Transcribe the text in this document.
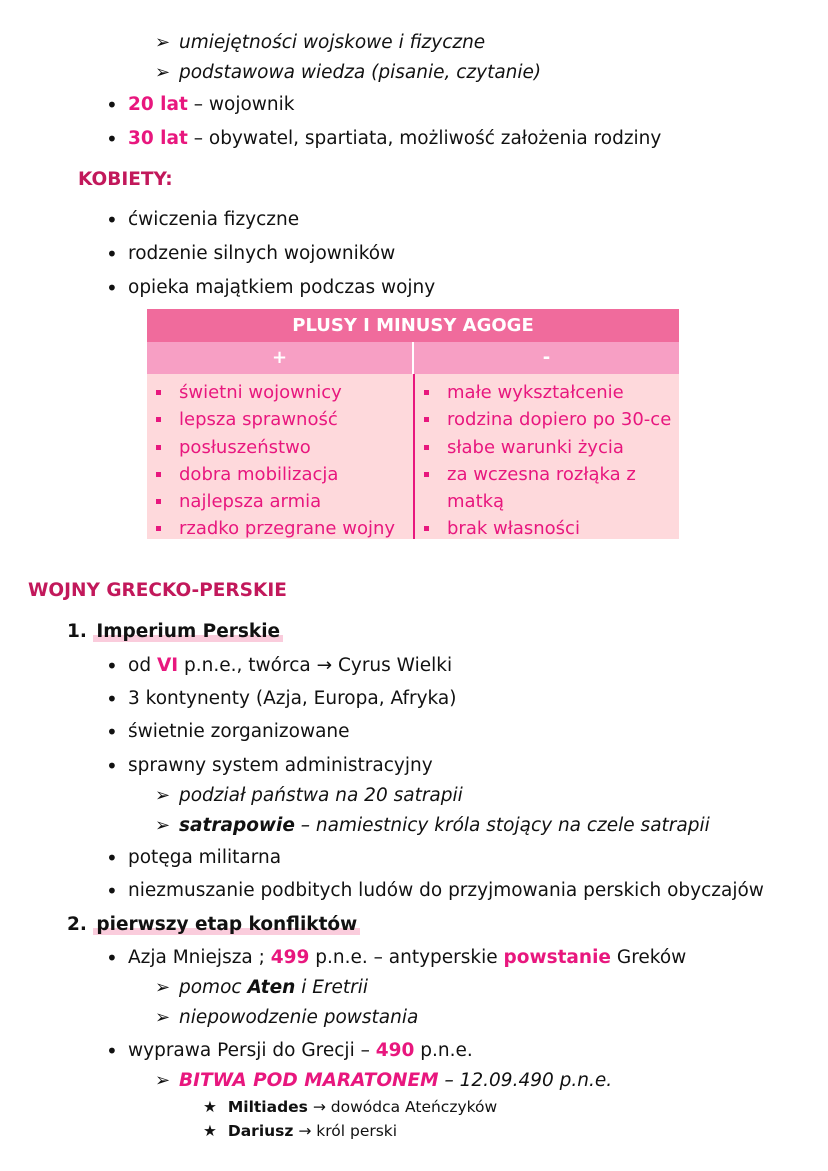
➢ umiejętności wojskowe i fizyczne
➢ podstawowa wiedza (pisanie, czytanie)
• 20 lat – wojownik
• 30 lat – obywatel, spartiata, możliwość założenia rodziny
KOBIETY:
• ćwiczenia fizyczne
• rodzenie silnych wojowników
• opieka majątkiem podczas wojny
PLUSY I MINUSY AGOGE
+	-
świetni wojownicy
lepsza sprawność
posłuszeństwo
dobra mobilizacja
najlepsza armia
rzadko przegrane wojny
małe wykształcenie
rodzina dopiero po 30-ce
słabe warunki życia
za wczesna rozłąka z
matką
brak własności
WOJNY GRECKO-PERSKIE
1. Imperium Perskie
• od VI p.n.e., twórca → Cyrus Wielki
• 3 kontynenty (Azja, Europa, Afryka)
• świetnie zorganizowane
• sprawny system administracyjny
➢ podział państwa na 20 satrapii
➢ satrapowie – namiestnicy króla stojący na czele satrapii
• potęga militarna
• niezmuszanie podbitych ludów do przyjmowania perskich obyczajów
2. pierwszy etap konfliktów
• Azja Mniejsza ; 499 p.n.e. – antyperskie powstanie Greków
➢ pomoc Aten i Eretrii
➢ niepowodzenie powstania
• wyprawa Persji do Grecji – 490 p.n.e.
➢ BITWA POD MARATONEM – 12.09.490 p.n.e.
★ Miltiades → dowódca Ateńczyków
★ Dariusz → król perski
